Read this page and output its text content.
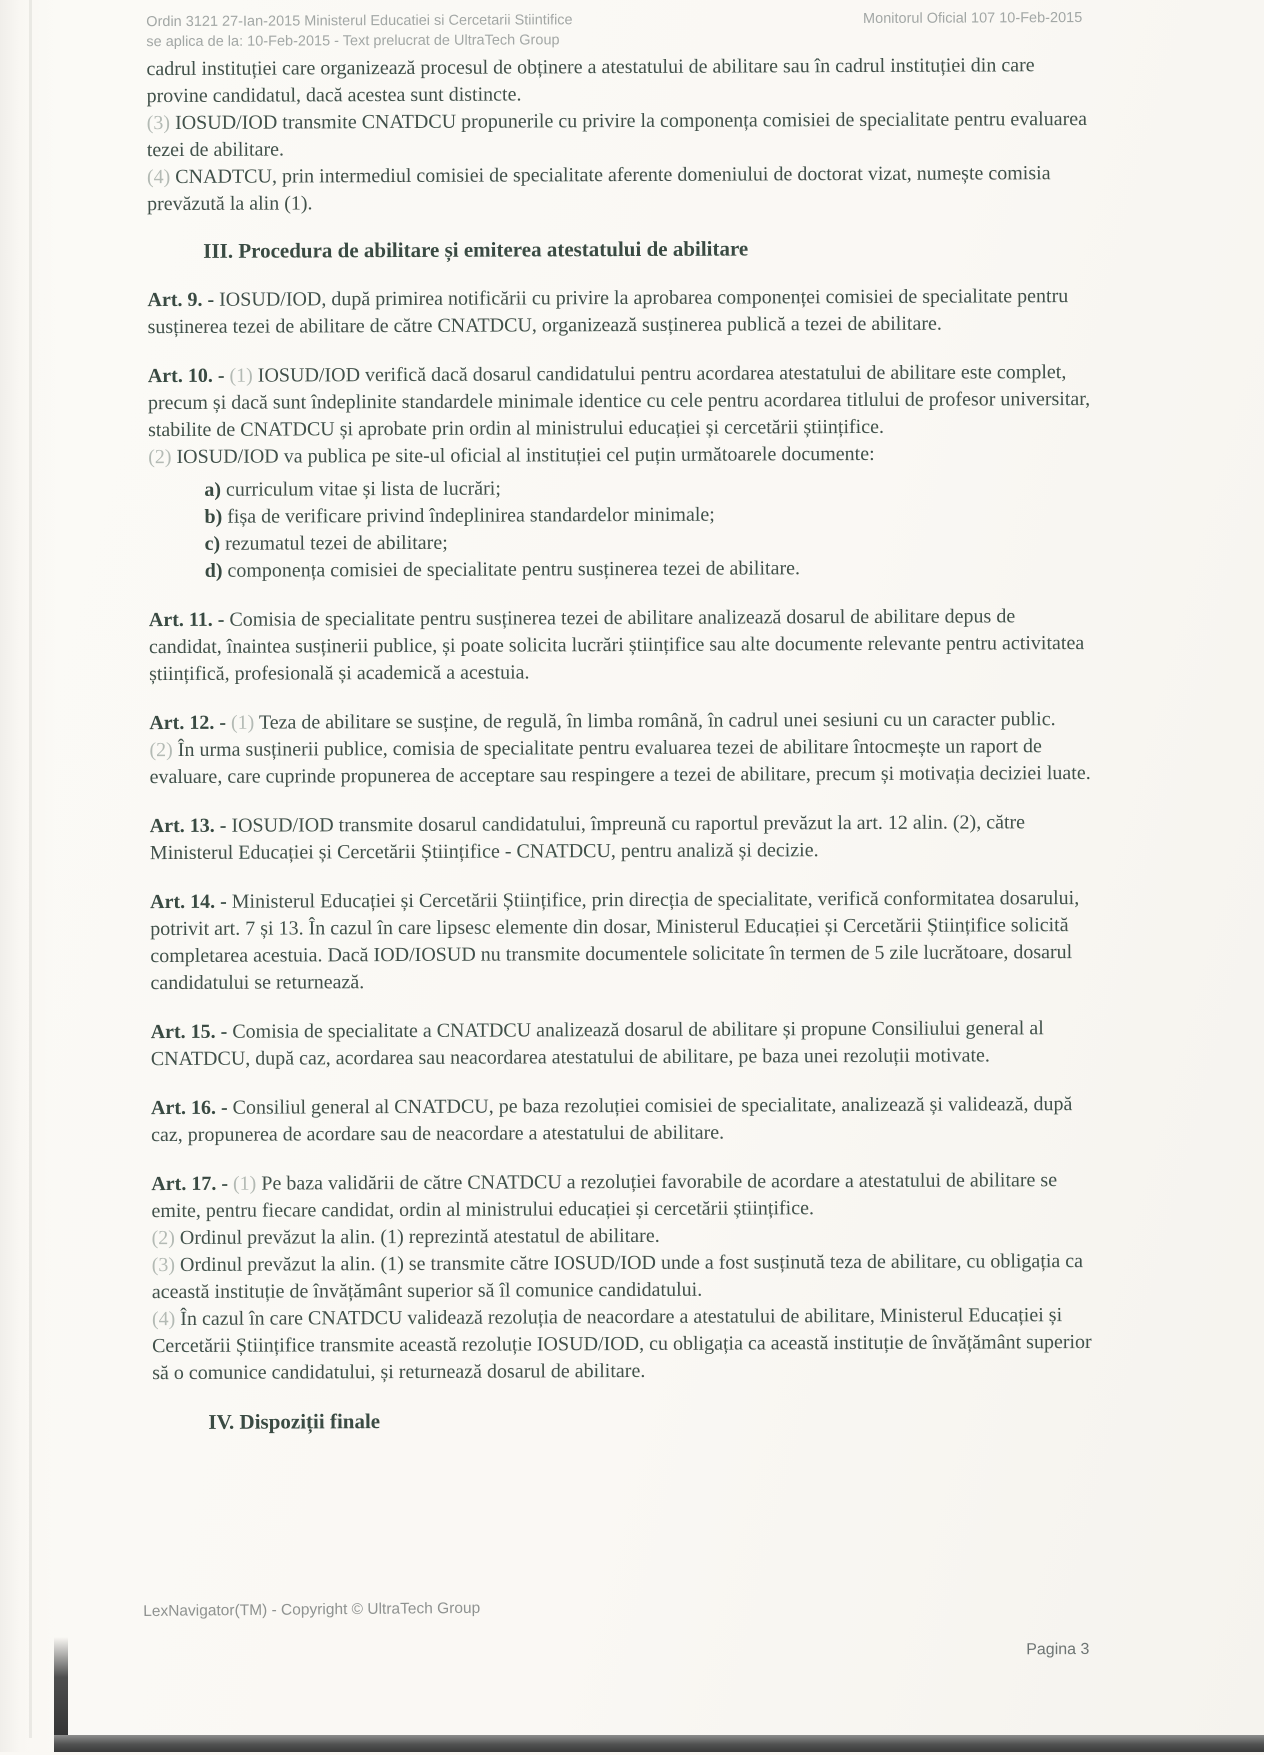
Ordin 3121 27-Ian-2015 Ministerul Educatiei si Cercetarii Stiintifice
se aplica de la: 10-Feb-2015 - Text prelucrat de UltraTech Group
Monitorul Oficial 107 10-Feb-2015

cadrul instituției care organizează procesul de obținere a atestatului de abilitare sau în cadrul instituției din care provine candidatul, dacă acestea sunt distincte.

(3) IOSUD/IOD transmite CNATDCU propunerile cu privire la componența comisiei de specialitate pentru evaluarea tezei de abilitare.

(4) CNADTCU, prin intermediul comisiei de specialitate aferente domeniului de doctorat vizat, numește comisia prevăzută la alin (1).

III. Procedura de abilitare și emiterea atestatului de abilitare

Art. 9. - IOSUD/IOD, după primirea notificării cu privire la aprobarea componenței comisiei de specialitate pentru susținerea tezei de abilitare de către CNATDCU, organizează susținerea publică a tezei de abilitare.

Art. 10. - (1) IOSUD/IOD verifică dacă dosarul candidatului pentru acordarea atestatului de abilitare este complet, precum și dacă sunt îndeplinite standardele minimale identice cu cele pentru acordarea titlului de profesor universitar, stabilite de CNATDCU și aprobate prin ordin al ministrului educației și cercetării științifice.

(2) IOSUD/IOD va publica pe site-ul oficial al instituției cel puțin următoarele documente:

a) curriculum vitae și lista de lucrări;

b) fișa de verificare privind îndeplinirea standardelor minimale;

c) rezumatul tezei de abilitare;

d) componența comisiei de specialitate pentru susținerea tezei de abilitare.

Art. 11. - Comisia de specialitate pentru susținerea tezei de abilitare analizează dosarul de abilitare depus de candidat, înaintea susținerii publice, și poate solicita lucrări științifice sau alte documente relevante pentru activitatea științifică, profesională și academică a acestuia.

Art. 12. - (1) Teza de abilitare se susține, de regulă, în limba română, în cadrul unei sesiuni cu un caracter public.

(2) În urma susținerii publice, comisia de specialitate pentru evaluarea tezei de abilitare întocmește un raport de evaluare, care cuprinde propunerea de acceptare sau respingere a tezei de abilitare, precum și motivația deciziei luate.

Art. 13. - IOSUD/IOD transmite dosarul candidatului, împreună cu raportul prevăzut la art. 12 alin. (2), către Ministerul Educației și Cercetării Științifice - CNATDCU, pentru analiză și decizie.

Art. 14. - Ministerul Educației și Cercetării Științifice, prin direcția de specialitate, verifică conformitatea dosarului, potrivit art. 7 și 13. În cazul în care lipsesc elemente din dosar, Ministerul Educației și Cercetării Științifice solicită completarea acestuia. Dacă IOD/IOSUD nu transmite documentele solicitate în termen de 5 zile lucrătoare, dosarul candidatului se returnează.

Art. 15. - Comisia de specialitate a CNATDCU analizează dosarul de abilitare și propune Consiliului general al CNATDCU, după caz, acordarea sau neacordarea atestatului de abilitare, pe baza unei rezoluții motivate.

Art. 16. - Consiliul general al CNATDCU, pe baza rezoluției comisiei de specialitate, analizează și validează, după caz, propunerea de acordare sau de neacordare a atestatului de abilitare.

Art. 17. - (1) Pe baza validării de către CNATDCU a rezoluției favorabile de acordare a atestatului de abilitare se emite, pentru fiecare candidat, ordin al ministrului educației și cercetării științifice.

(2) Ordinul prevăzut la alin. (1) reprezintă atestatul de abilitare.

(3) Ordinul prevăzut la alin. (1) se transmite către IOSUD/IOD unde a fost susținută teza de abilitare, cu obligația ca această instituție de învățământ superior să îl comunice candidatului.

(4) În cazul în care CNATDCU validează rezoluția de neacordare a atestatului de abilitare, Ministerul Educației și Cercetării Științifice transmite această rezoluție IOSUD/IOD, cu obligația ca această instituție de învățământ superior să o comunice candidatului, și returnează dosarul de abilitare.

IV. Dispoziții finale
LexNavigator(TM) - Copyright © UltraTech Group
Pagina 3
